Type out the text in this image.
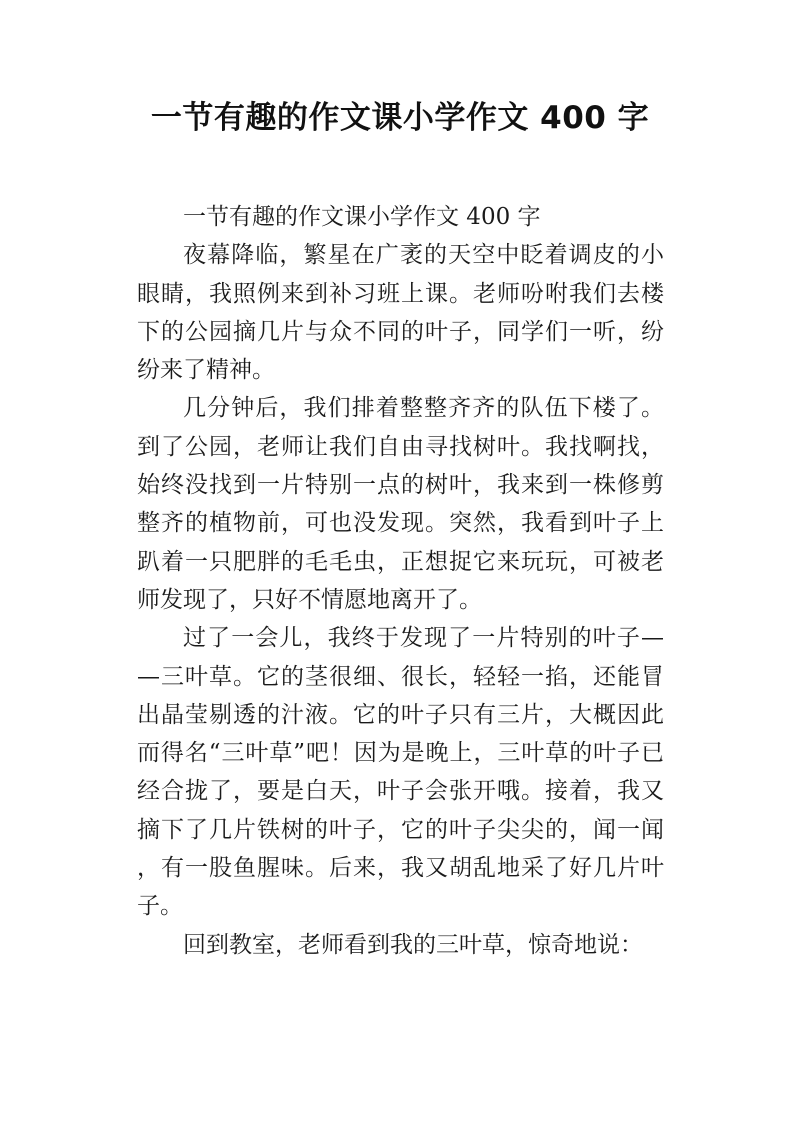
一节有趣的作文课小学作文 400 字

一节有趣的作文课小学作文 400 字

夜幕降临，繁星在广袤的天空中眨着调皮的小眼睛，我照例来到补习班上课。老师吩咐我们去楼下的公园摘几片与众不同的叶子，同学们一听，纷纷来了精神。

几分钟后，我们排着整整齐齐的队伍下楼了。到了公园，老师让我们自由寻找树叶。我找啊找，始终没找到一片特别一点的树叶，我来到一株修剪整齐的植物前，可也没发现。突然，我看到叶子上趴着一只肥胖的毛毛虫，正想捉它来玩玩，可被老师发现了，只好不情愿地离开了。

过了一会儿，我终于发现了一片特别的叶子——三叶草。它的茎很细、很长，轻轻一掐，还能冒出晶莹剔透的汁液。它的叶子只有三片，大概因此而得名“三叶草”吧！因为是晚上，三叶草的叶子已经合拢了，要是白天，叶子会张开哦。接着，我又摘下了几片铁树的叶子，它的叶子尖尖的，闻一闻，有一股鱼腥味。后来，我又胡乱地采了好几片叶子。

回到教室，老师看到我的三叶草，惊奇地说：
